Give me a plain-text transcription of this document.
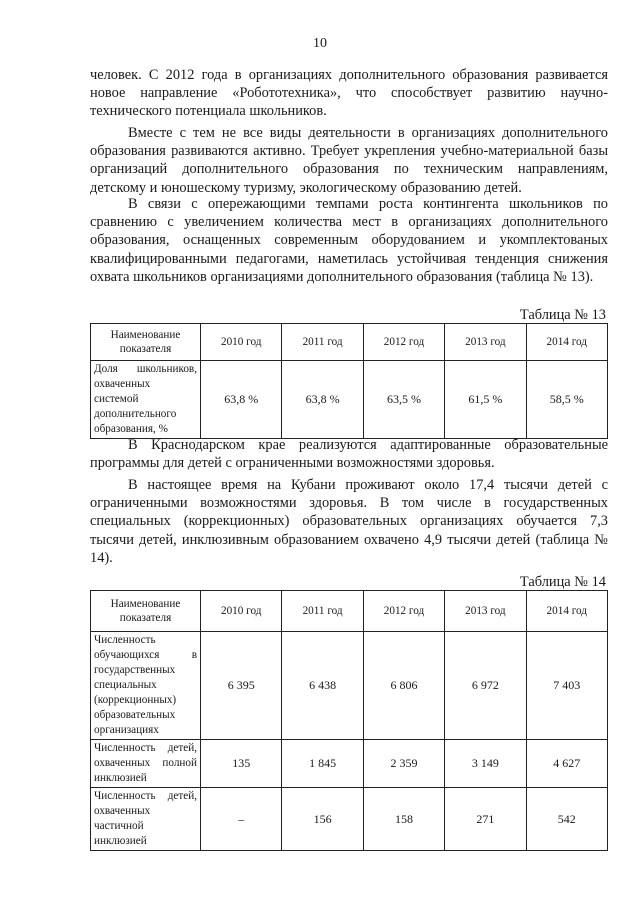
10

человек. С 2012 года в организациях дополнительного образования развивается новое направление «Робототехника», что способствует развитию научно-технического потенциала школьников.

Вместе с тем не все виды деятельности в организациях дополнительного образования развиваются активно. Требует укрепления учебно-материальной базы организаций дополнительного образования по техническим направлениям, детскому и юношескому туризму, экологическому образованию детей.

В связи с опережающими темпами роста контингента школьников по сравнению с увеличением количества мест в организациях дополнительного образования, оснащенных современным оборудованием и укомплектованых квалифицированными педагогами, наметилась устойчивая тенденция снижения охвата школьников организациями дополнительного образования (таблица № 13).

Таблица № 13
Наименование показателя	2010 год	2011 год	2012 год	2013 год	2014 год
Доля школьников, охваченных системой дополнительного образования, %	63,8 %	63,8 %	63,5 %	61,5 %	58,5 %

В Краснодарском крае реализуются адаптированные образовательные программы для детей с ограниченными возможностями здоровья.

В настоящее время на Кубани проживают около 17,4 тысячи детей с ограниченными возможностями здоровья. В том числе в государственных специальных (коррекционных) образовательных организациях обучается 7,3 тысячи детей, инклюзивным образованием охвачено 4,9 тысячи детей (таблица № 14).

Таблица № 14
Наименование показателя	2010 год	2011 год	2012 год	2013 год	2014 год
Численность обучающихся в государственных специальных (коррекционных) образовательных организациях	6 395	6 438	6 806	6 972	7 403
Численность детей, охваченных полной инклюзией	135	1 845	2 359	3 149	4 627
Численность детей, охваченных частичной инклюзией	–	156	158	271	542
